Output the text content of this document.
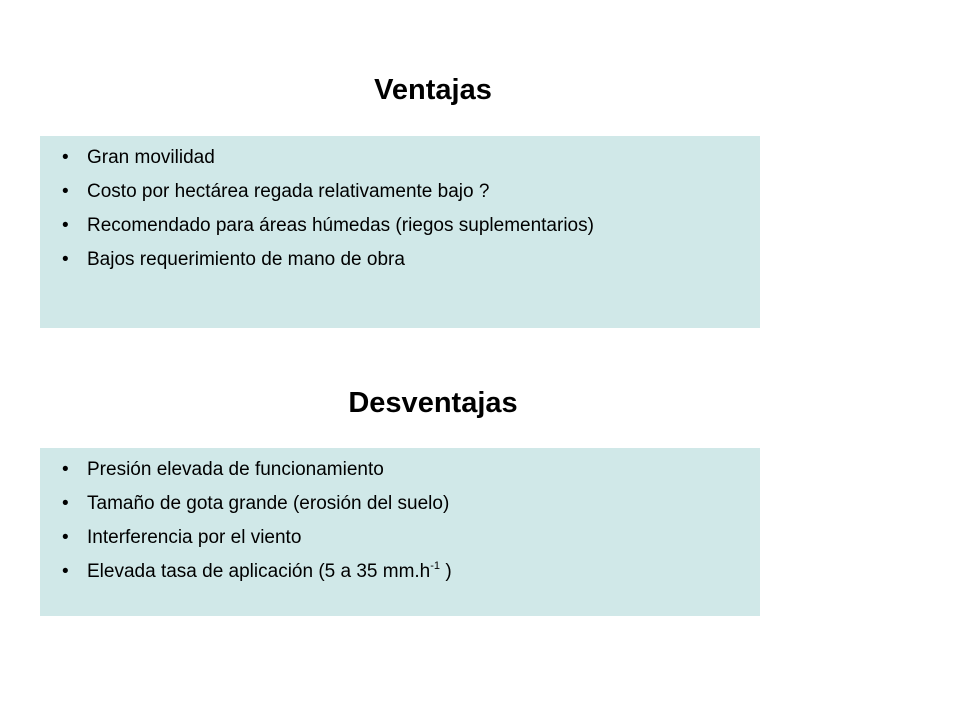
Ventajas
• Gran movilidad
• Costo por hectárea regada relativamente bajo ?
• Recomendado para áreas húmedas (riegos suplementarios)
• Bajos requerimiento de mano de obra
Desventajas
• Presión elevada de funcionamiento
• Tamaño de gota grande (erosión del suelo)
• Interferencia por el viento
• Elevada tasa de aplicación (5 a 35 $mm.h^{-1}$ )
